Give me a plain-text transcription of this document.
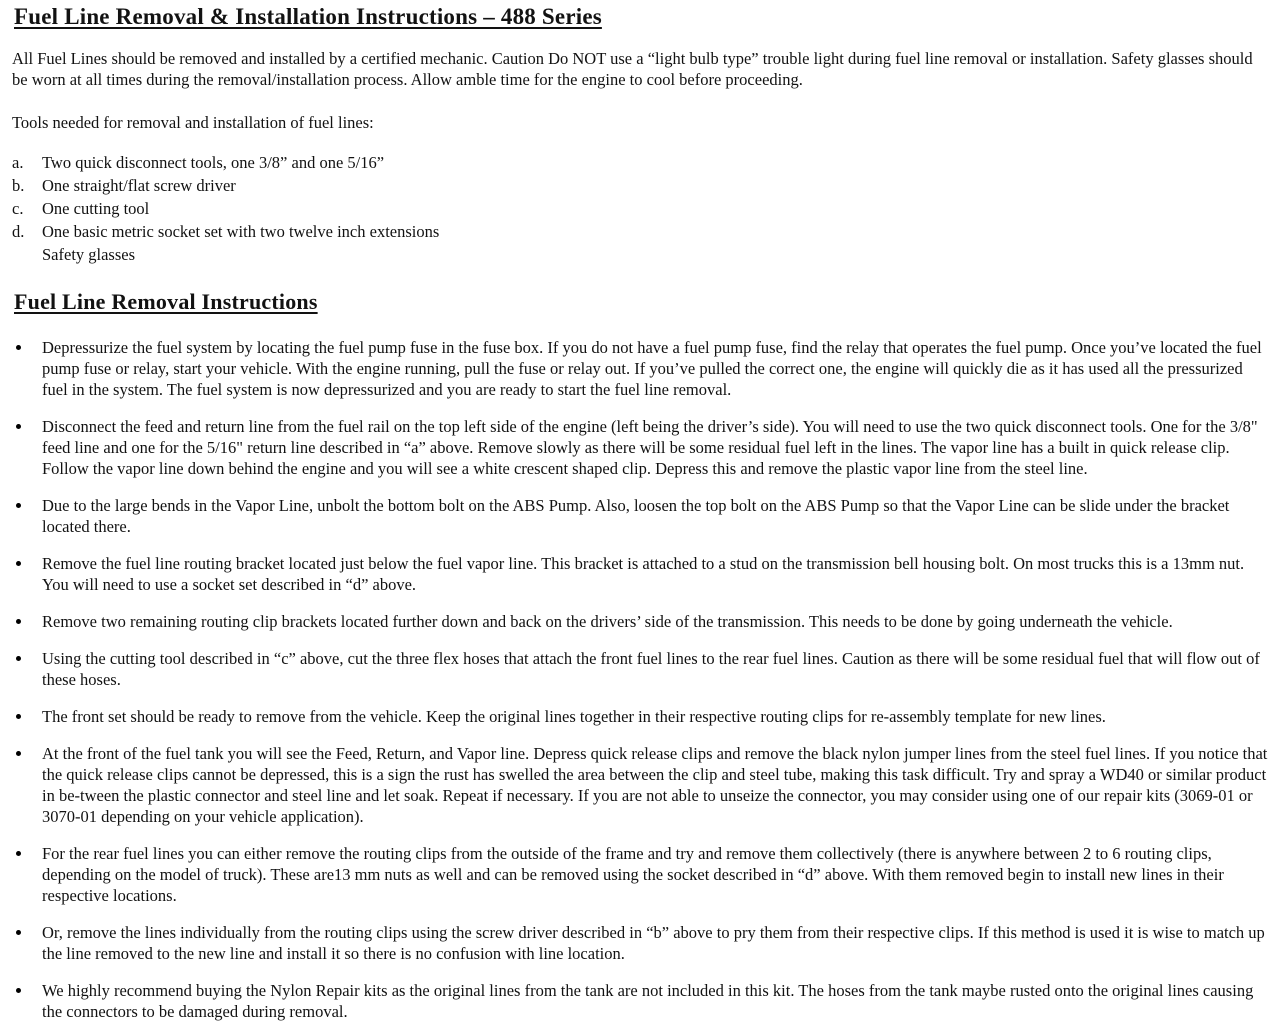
Fuel Line Removal & Installation Instructions – 488 Series

All Fuel Lines should be removed and installed by a certified mechanic. Caution Do NOT use a “light bulb type” trouble light during fuel line removal or installation. Safety glasses should be worn at all times during the removal/installation process. Allow amble time for the engine to cool before proceeding.

Tools needed for removal and installation of fuel lines:

a.	Two quick disconnect tools, one 3/8” and one 5/16”
b.	One straight/flat screw driver
c.	One cutting tool
d.	One basic metric socket set with two twelve inch extensions
Safety glasses
Fuel Line Removal Instructions
Depressurize the fuel system by locating the fuel pump fuse in the fuse box. If you do not have a fuel pump fuse, find the relay that operates the fuel pump. Once you’ve located the fuel pump fuse or relay, start your vehicle. With the engine running, pull the fuse or relay out. If you’ve pulled the correct one, the engine will quickly die as it has used all the pressurized fuel in the system. The fuel system is now depressurized and you are ready to start the fuel line removal.
Disconnect the feed and return line from the fuel rail on the top left side of the engine (left being the driver’s side). You will need to use the two quick disconnect tools. One for the 3/8" feed line and one for the 5/16" return line described in “a” above. Remove slowly as there will be some residual fuel left in the lines. The vapor line has a built in quick release clip. Follow the vapor line down behind the engine and you will see a white crescent shaped clip. Depress this and remove the plastic vapor line from the steel line.
Due to the large bends in the Vapor Line, unbolt the bottom bolt on the ABS Pump. Also, loosen the top bolt on the ABS Pump so that the Vapor Line can be slide under the bracket located there.
Remove the fuel line routing bracket located just below the fuel vapor line. This bracket is attached to a stud on the transmission bell housing bolt. On most trucks this is a 13mm nut. You will need to use a socket set described in “d” above.
Remove two remaining routing clip brackets located further down and back on the drivers’ side of the transmission. This needs to be done by going underneath the vehicle.
Using the cutting tool described in “c” above, cut the three flex hoses that attach the front fuel lines to the rear fuel lines. Caution as there will be some residual fuel that will flow out of these hoses.
The front set should be ready to remove from the vehicle. Keep the original lines together in their respective routing clips for re-assembly template for new lines.
At the front of the fuel tank you will see the Feed, Return, and Vapor line. Depress quick release clips and remove the black nylon jumper lines from the steel fuel lines. If you notice that the quick release clips cannot be depressed, this is a sign the rust has swelled the area between the clip and steel tube, making this task difficult. Try and spray a WD40 or similar product in be-tween the plastic connector and steel line and let soak. Repeat if necessary. If you are not able to unseize the connector, you may consider using one of our repair kits (3069-01 or 3070-01 depending on your vehicle application).
For the rear fuel lines you can either remove the routing clips from the outside of the frame and try and remove them collectively (there is anywhere between 2 to 6 routing clips, depending on the model of truck). These are13 mm nuts as well and can be removed using the socket described in “d” above. With them removed begin to install new lines in their respective locations.
Or, remove the lines individually from the routing clips using the screw driver described in “b” above to pry them from their respective clips. If this method is used it is wise to match up the line removed to the new line and install it so there is no confusion with line location.
We highly recommend buying the Nylon Repair kits as the original lines from the tank are not included in this kit. The hoses from the tank maybe rusted onto the original lines causing the connectors to be damaged during removal.
